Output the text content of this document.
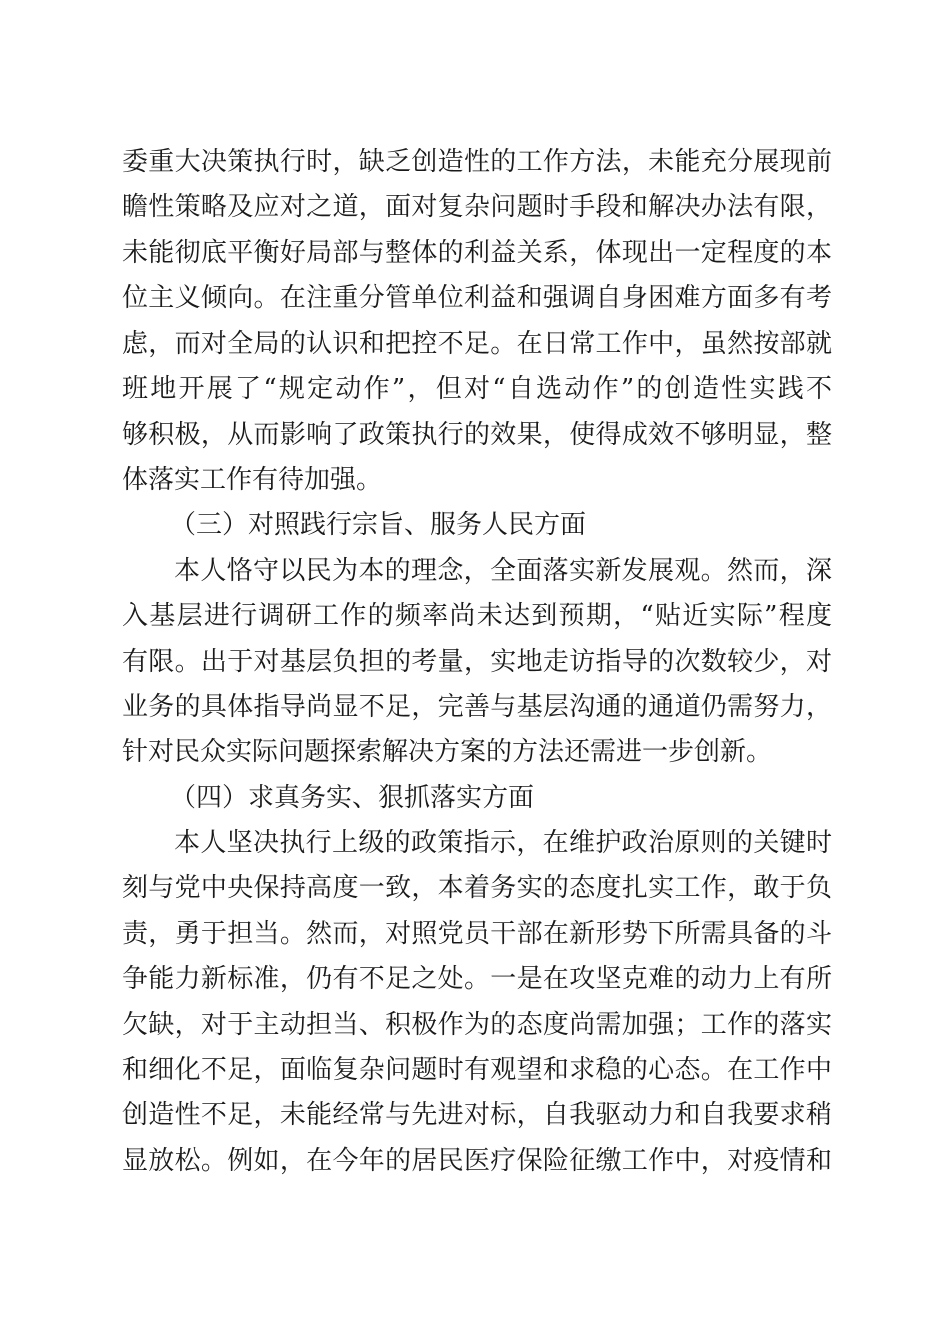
委重大决策执行时，缺乏创造性的工作方法，未能充分展现前
瞻性策略及应对之道，面对复杂问题时手段和解决办法有限，
未能彻底平衡好局部与整体的利益关系，体现出一定程度的本
位主义倾向。在注重分管单位利益和强调自身困难方面多有考
虑，而对全局的认识和把控不足。在日常工作中，虽然按部就
班地开展了“规定动作”，但对“自选动作”的创造性实践不
够积极，从而影响了政策执行的效果，使得成效不够明显，整
体落实工作有待加强。
（三）对照践行宗旨、服务人民方面
本人恪守以民为本的理念，全面落实新发展观。然而，深
入基层进行调研工作的频率尚未达到预期，“贴近实际”程度
有限。出于对基层负担的考量，实地走访指导的次数较少，对
业务的具体指导尚显不足，完善与基层沟通的通道仍需努力，
针对民众实际问题探索解决方案的方法还需进一步创新。
（四）求真务实、狠抓落实方面
本人坚决执行上级的政策指示，在维护政治原则的关键时
刻与党中央保持高度一致，本着务实的态度扎实工作，敢于负
责，勇于担当。然而，对照党员干部在新形势下所需具备的斗
争能力新标准，仍有不足之处。一是在攻坚克难的动力上有所
欠缺，对于主动担当、积极作为的态度尚需加强；工作的落实
和细化不足，面临复杂问题时有观望和求稳的心态。在工作中
创造性不足，未能经常与先进对标，自我驱动力和自我要求稍
显放松。例如，在今年的居民医疗保险征缴工作中，对疫情和
